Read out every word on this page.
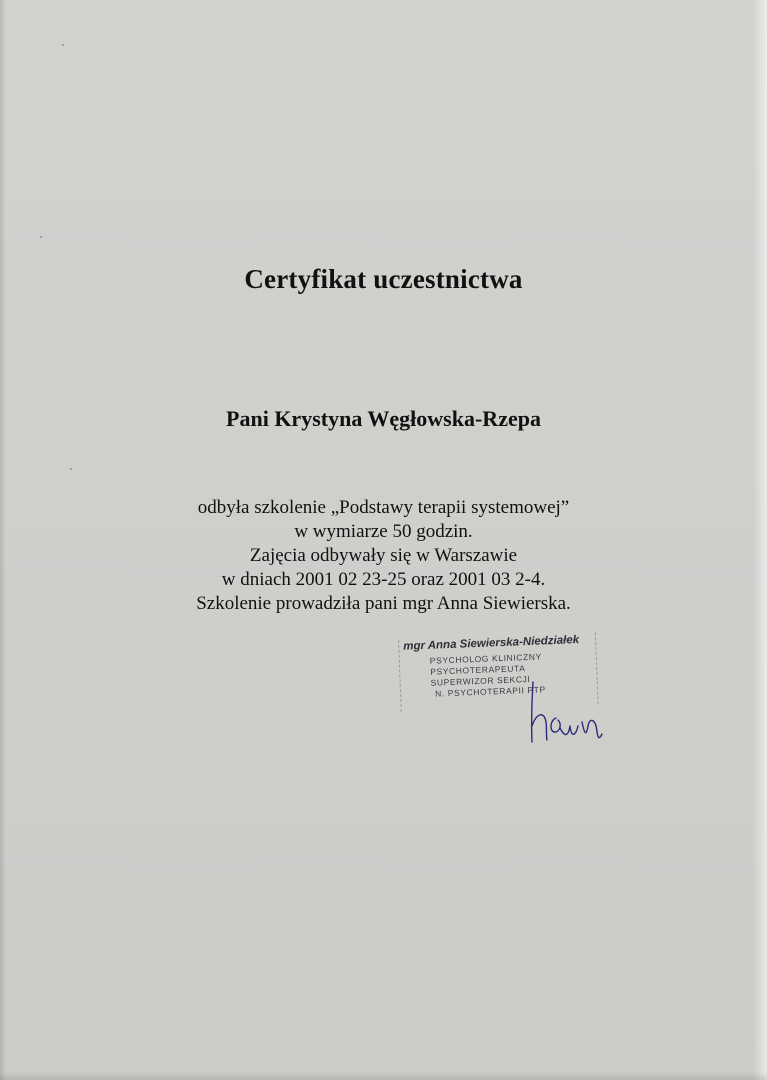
Certyfikat uczestnictwa
Pani Krystyna Węgłowska-Rzepa
odbyła szkolenie „Podstawy terapii systemowej”
w wymiarze 50 godzin.
Zajęcia odbywały się w Warszawie
w dniach 2001 02 23-25 oraz 2001 03 2-4.
Szkolenie prowadziła pani mgr Anna Siewierska.
mgr Anna Siewierska-Niedziałek
PSYCHOLOG KLINICZNY
PSYCHOTERAPEUTA
SUPERWIZOR SEKCJI
N. PSYCHOTERAPII PTP
